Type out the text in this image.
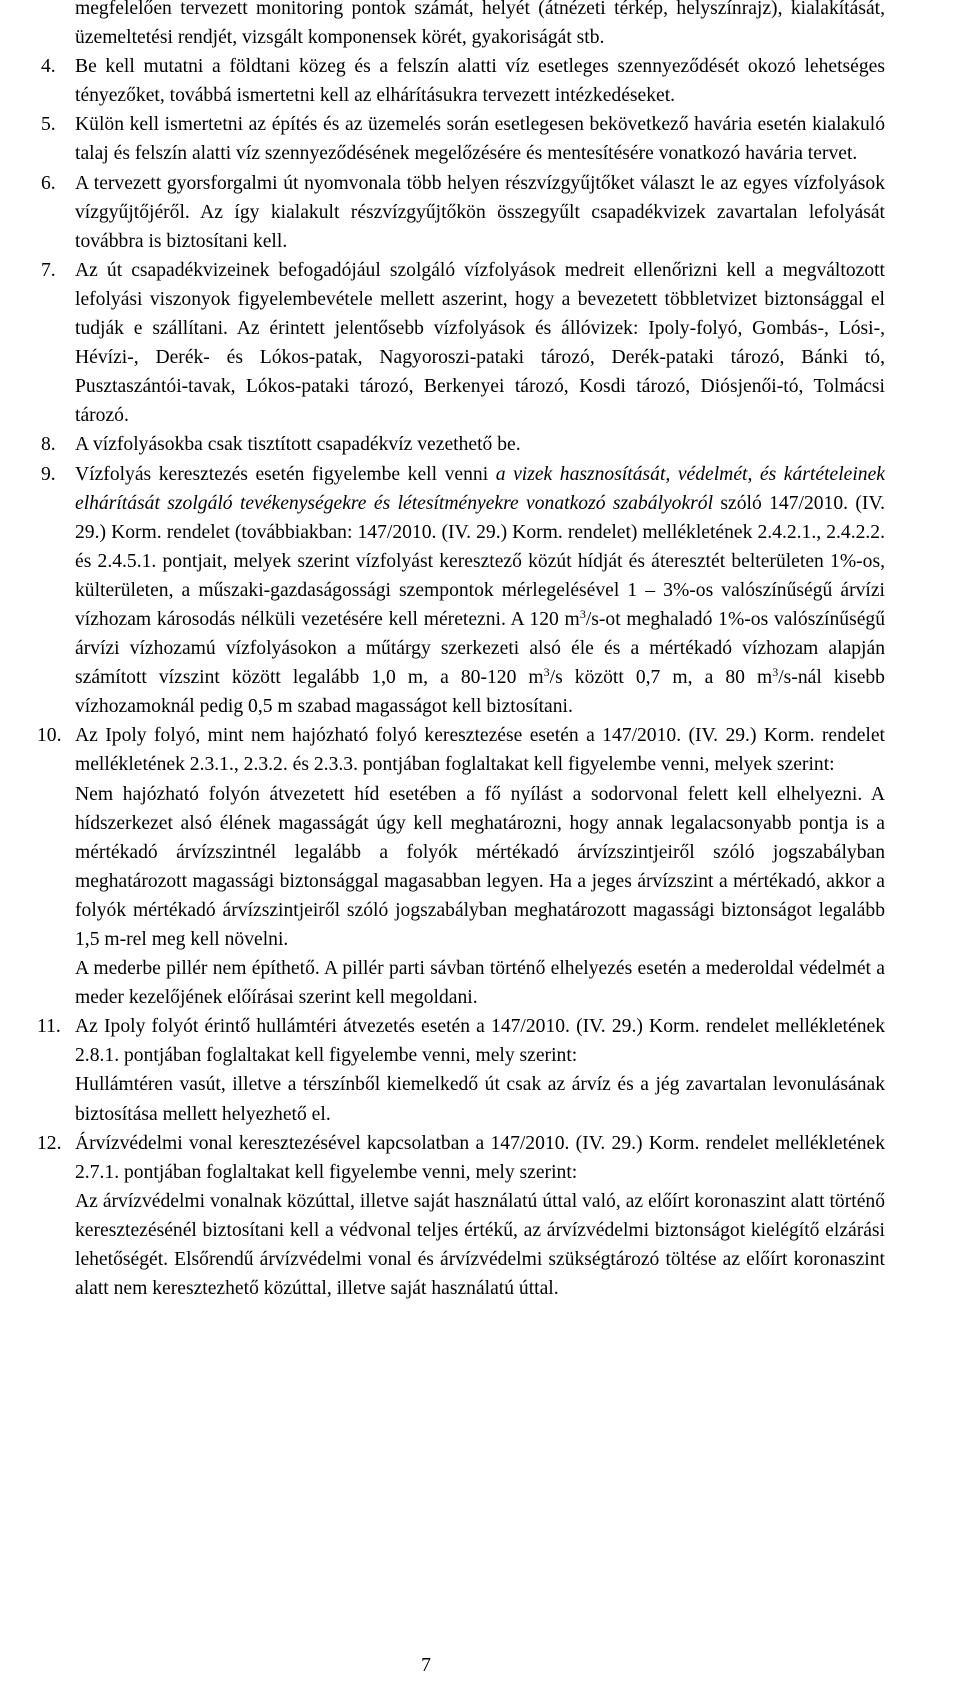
megfelelően tervezett monitoring pontok számát, helyét (átnézeti térkép, helyszínrajz), kialakítását, üzemeltetési rendjét, vizsgált komponensek körét, gyakoriságát stb.

4. Be kell mutatni a földtani közeg és a felszín alatti víz esetleges szennyeződését okozó lehetséges tényezőket, továbbá ismertetni kell az elhárításukra tervezett intézkedéseket.

5. Külön kell ismertetni az építés és az üzemelés során esetlegesen bekövetkező havária esetén kialakuló talaj és felszín alatti víz szennyeződésének megelőzésére és mentesítésére vonatkozó havária tervet.

6. A tervezett gyorsforgalmi út nyomvonala több helyen részvízgyűjtőket választ le az egyes vízfolyások vízgyűjtőjéről. Az így kialakult részvízgyűjtőkön összegyűlt csapadékvizek zavartalan lefolyását továbbra is biztosítani kell.

7. Az út csapadékvizeinek befogadójául szolgáló vízfolyások medreit ellenőrizni kell a megváltozott lefolyási viszonyok figyelembevétele mellett aszerint, hogy a bevezetett többletvizet biztonsággal el tudják e szállítani. Az érintett jelentősebb vízfolyások és állóvizek: Ipoly-folyó, Gombás-, Lósi-, Hévízi-, Derék- és Lókos-patak, Nagyoroszi-pataki tározó, Derék-pataki tározó, Bánki tó, Pusztaszántói-tavak, Lókos-pataki tározó, Berkenyei tározó, Kosdi tározó, Diósjenői-tó, Tolmácsi tározó.

8. A vízfolyásokba csak tisztított csapadékvíz vezethető be.

9. Vízfolyás keresztezés esetén figyelembe kell venni a vizek hasznosítását, védelmét, és kártételeinek elhárítását szolgáló tevékenységekre és létesítményekre vonatkozó szabályokról szóló 147/2010. (IV. 29.) Korm. rendelet (továbbiakban: 147/2010. (IV. 29.) Korm. rendelet) mellékletének 2.4.2.1., 2.4.2.2. és 2.4.5.1. pontjait, melyek szerint vízfolyást keresztező közút hídját és áteresztét belterületen 1%-os, külterületen, a műszaki-gazdaságossági szempontok mérlegelésével 1 – 3%-os valószínűségű árvízi vízhozam károsodás nélküli vezetésére kell méretezni. A 120 $m^3/s-ot$ meghaladó 1%-os valószínűségű árvízi vízhozamú vízfolyásokon a műtárgy szerkezeti alsó éle és a mértékadó vízhozam alapján számított vízszint között legalább 1,0 m, a 80-120 $m^3/s$ között 0,7 m, a 80 $m^3/s$-nál kisebb vízhozamoknál pedig 0,5 m szabad magasságot kell biztosítani.

10. Az Ipoly folyó, mint nem hajózható folyó keresztezése esetén a 147/2010. (IV. 29.) Korm. rendelet mellékletének 2.3.1., 2.3.2. és 2.3.3. pontjában foglaltakat kell figyelembe venni, melyek szerint:

Nem hajózható folyón átvezetett híd esetében a fő nyílást a sodorvonal felett kell elhelyezni. A hídszerkezet alsó élének magasságát úgy kell meghatározni, hogy annak legalacsonyabb pontja is a mértékadó árvízszintnél legalább a folyók mértékadó árvízszintjeiről szóló jogszabályban meghatározott magassági biztonsággal magasabban legyen. Ha a jeges árvízszint a mértékadó, akkor a folyók mértékadó árvízszintjeiről szóló jogszabályban meghatározott magassági biztonságot legalább 1,5 m-rel meg kell növelni.

A mederbe pillér nem építhető. A pillér parti sávban történő elhelyezés esetén a mederoldal védelmét a meder kezelőjének előírásai szerint kell megoldani.

11. Az Ipoly folyót érintő hullámtéri átvezetés esetén a 147/2010. (IV. 29.) Korm. rendelet mellékletének 2.8.1. pontjában foglaltakat kell figyelembe venni, mely szerint:

Hullámtéren vasút, illetve a térszínből kiemelkedő út csak az árvíz és a jég zavartalan levonulásának biztosítása mellett helyezhető el.

12. Árvízvédelmi vonal keresztezésével kapcsolatban a 147/2010. (IV. 29.) Korm. rendelet mellékletének 2.7.1. pontjában foglaltakat kell figyelembe venni, mely szerint:

Az árvízvédelmi vonalnak közúttal, illetve saját használatú úttal való, az előírt koronaszint alatt történő keresztezésénél biztosítani kell a védvonal teljes értékű, az árvízvédelmi biztonságot kielégítő elzárási lehetőségét. Elsőrendű árvízvédelmi vonal és árvízvédelmi szükségtározó töltése az előírt koronaszint alatt nem keresztezhető közúttal, illetve saját használatú úttal.

7
